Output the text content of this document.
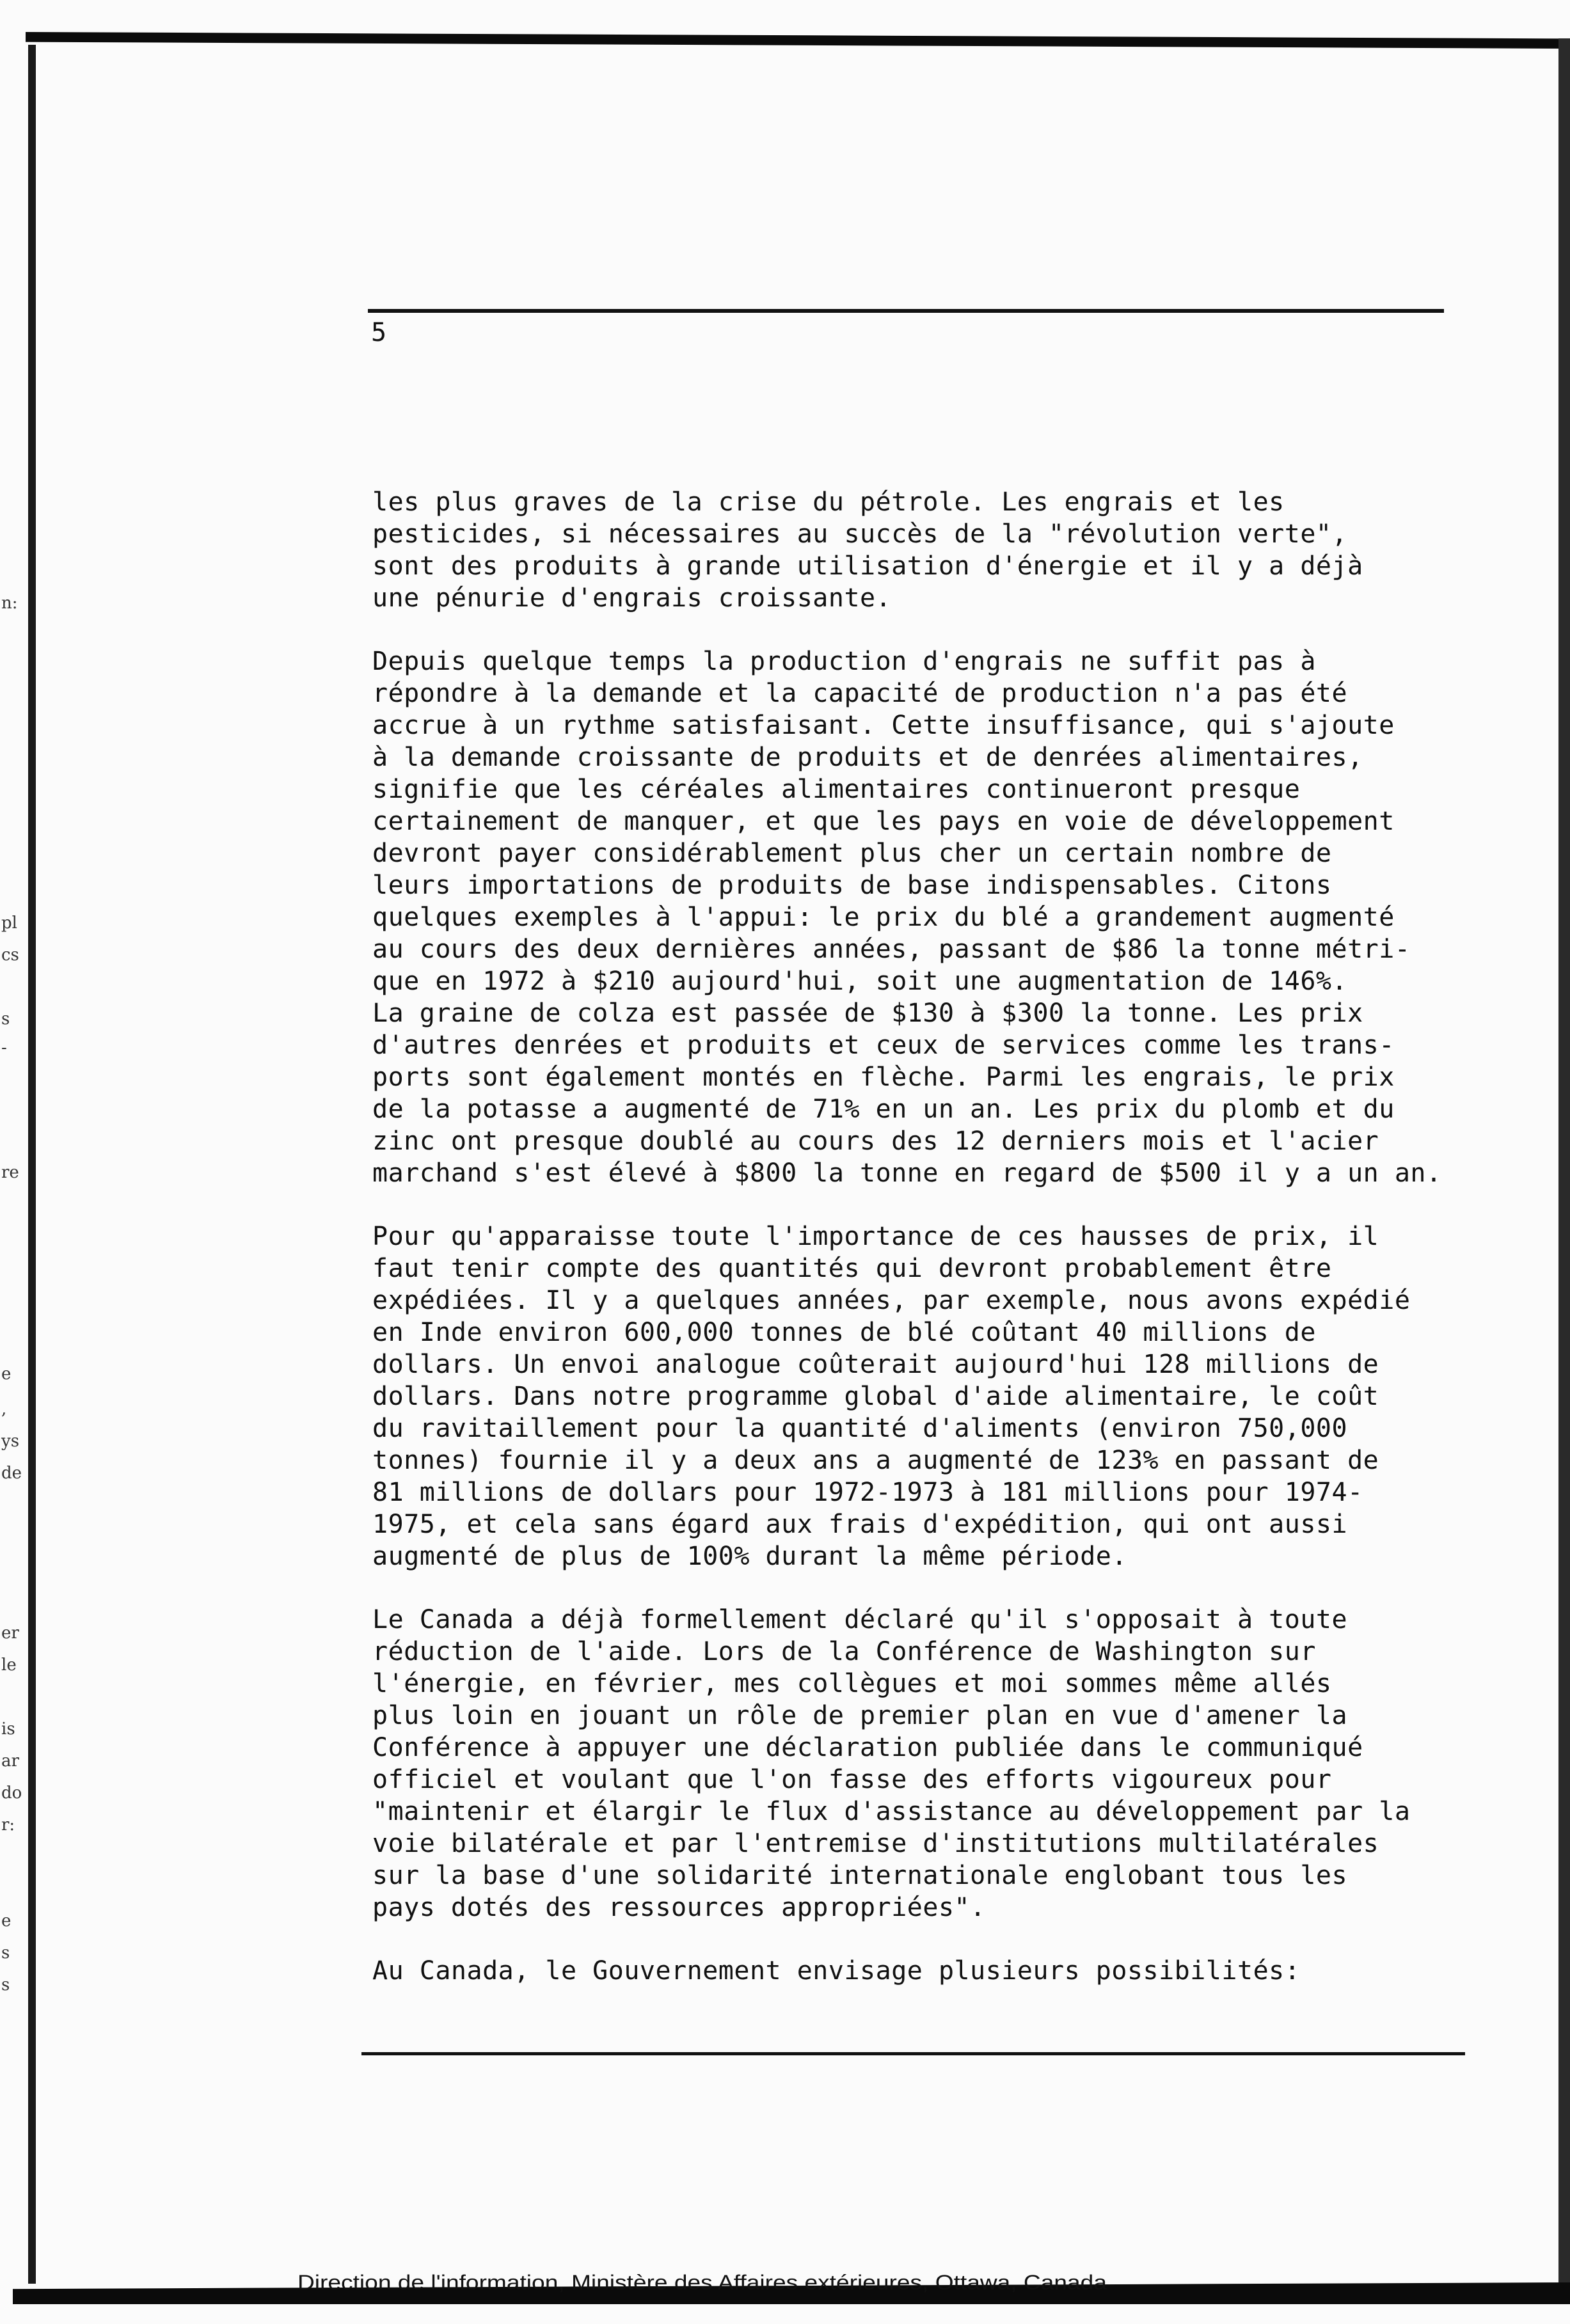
n:
pl
cs
s
-
re
e
,
ys
de
er
le
is
ar
do
r:
e
s
s
5

les plus graves de la crise du pétrole. Les engrais et les
pesticides, si nécessaires au succès de la "révolution verte",
sont des produits à grande utilisation d'énergie et il y a déjà
une pénurie d'engrais croissante.

Depuis quelque temps la production d'engrais ne suffit pas à
répondre à la demande et la capacité de production n'a pas été
accrue à un rythme satisfaisant. Cette insuffisance, qui s'ajoute
à la demande croissante de produits et de denrées alimentaires,
signifie que les céréales alimentaires continueront presque
certainement de manquer, et que les pays en voie de développement
devront payer considérablement plus cher un certain nombre de
leurs importations de produits de base indispensables. Citons
quelques exemples à l'appui: le prix du blé a grandement augmenté
au cours des deux dernières années, passant de $86 la tonne métri-
que en 1972 à $210 aujourd'hui, soit une augmentation de 146%.
La graine de colza est passée de $130 à $300 la tonne. Les prix
d'autres denrées et produits et ceux de services comme les trans-
ports sont également montés en flèche. Parmi les engrais, le prix
de la potasse a augmenté de 71% en un an. Les prix du plomb et du
zinc ont presque doublé au cours des 12 derniers mois et l'acier
marchand s'est élevé à $800 la tonne en regard de $500 il y a un an.

Pour qu'apparaisse toute l'importance de ces hausses de prix, il
faut tenir compte des quantités qui devront probablement être
expédiées. Il y a quelques années, par exemple, nous avons expédié
en Inde environ 600,000 tonnes de blé coûtant 40 millions de
dollars. Un envoi analogue coûterait aujourd'hui 128 millions de
dollars. Dans notre programme global d'aide alimentaire, le coût
du ravitaillement pour la quantité d'aliments (environ 750,000
tonnes) fournie il y a deux ans a augmenté de 123% en passant de
81 millions de dollars pour 1972-1973 à 181 millions pour 1974-
1975, et cela sans égard aux frais d'expédition, qui ont aussi
augmenté de plus de 100% durant la même période.

Le Canada a déjà formellement déclaré qu'il s'opposait à toute
réduction de l'aide. Lors de la Conférence de Washington sur
l'énergie, en février, mes collègues et moi sommes même allés
plus loin en jouant un rôle de premier plan en vue d'amener la
Conférence à appuyer une déclaration publiée dans le communiqué
officiel et voulant que l'on fasse des efforts vigoureux pour
"maintenir et élargir le flux d'assistance au développement par la
voie bilatérale et par l'entremise d'institutions multilatérales
sur la base d'une solidarité internationale englobant tous les
pays dotés des ressources appropriées".

Au Canada, le Gouvernement envisage plusieurs possibilités:

Direction de l'information, Ministère des Affaires extérieures, Ottawa, Canada
